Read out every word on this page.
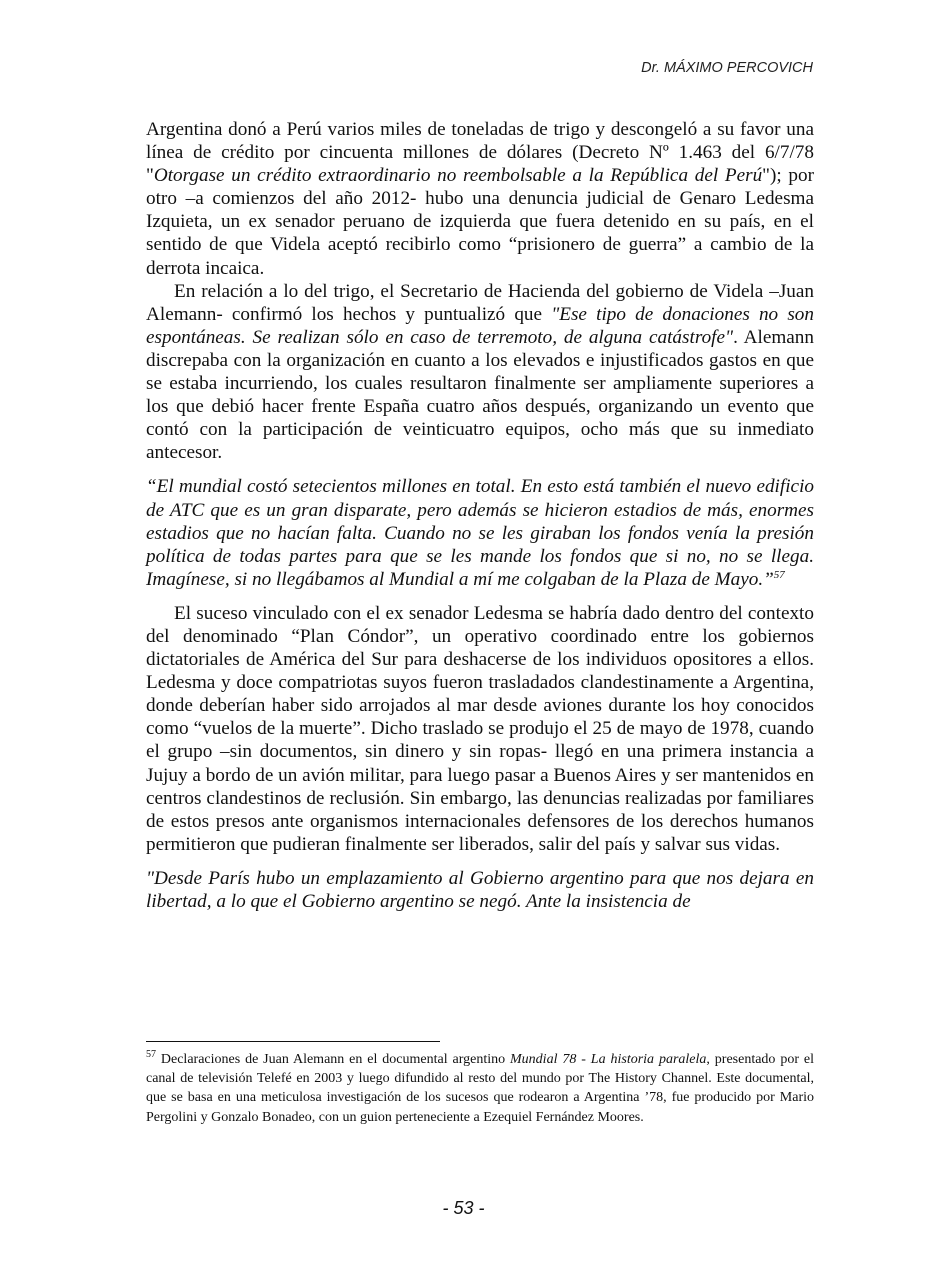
Dr. MÁXIMO PERCOVICH

Argentina donó a Perú varios miles de toneladas de trigo y descongeló a su favor una línea de crédito por cincuenta millones de dólares (Decreto Nº 1.463 del 6/7/78 "Otorgase un crédito extraordinario no reembolsable a la República del Perú"); por otro –a comienzos del año 2012- hubo una denuncia judicial de Genaro Ledesma Izquieta, un ex senador peruano de izquierda que fuera detenido en su país, en el sentido de que Videla aceptó recibirlo como “prisionero de guerra” a cambio de la derrota incaica.

En relación a lo del trigo, el Secretario de Hacienda del gobierno de Videla –Juan Alemann- confirmó los hechos y puntualizó que "Ese tipo de donaciones no son espontáneas. Se realizan sólo en caso de terremoto, de alguna catástrofe". Alemann discrepaba con la organización en cuanto a los elevados e injustificados gastos en que se estaba incurriendo, los cuales resultaron finalmente ser ampliamente superiores a los que debió hacer frente España cuatro años después, organizando un evento que contó con la participación de veinticuatro equipos, ocho más que su inmediato antecesor.

“El mundial costó setecientos millones en total. En esto está también el nuevo edificio de ATC que es un gran disparate, pero además se hicieron estadios de más, enormes estadios que no hacían falta. Cuando no se les giraban los fondos venía la presión política de todas partes para que se les mande los fondos que si no, no se llega. Imagínese, si no llegábamos al Mundial a mí me colgaban de la Plaza de Mayo.”$^{57}$

El suceso vinculado con el ex senador Ledesma se habría dado dentro del contexto del denominado “Plan Cóndor”, un operativo coordinado entre los gobiernos dictatoriales de América del Sur para deshacerse de los individuos opositores a ellos. Ledesma y doce compatriotas suyos fueron trasladados clandestinamente a Argentina, donde deberían haber sido arrojados al mar desde aviones durante los hoy conocidos como “vuelos de la muerte”. Dicho traslado se produjo el 25 de mayo de 1978, cuando el grupo –sin documentos, sin dinero y sin ropas- llegó en una primera instancia a Jujuy a bordo de un avión militar, para luego pasar a Buenos Aires y ser mantenidos en centros clandestinos de reclusión. Sin embargo, las denuncias realizadas por familiares de estos presos ante organismos internacionales defensores de los derechos humanos permitieron que pudieran finalmente ser liberados, salir del país y salvar sus vidas.

"Desde París hubo un emplazamiento al Gobierno argentino para que nos dejara en libertad, a lo que el Gobierno argentino se negó. Ante la insistencia de

$^{57}$ Declaraciones de Juan Alemann en el documental argentino Mundial 78 - La historia paralela, presentado por el canal de televisión Telefé en 2003 y luego difundido al resto del mundo por The History Channel. Este documental, que se basa en una meticulosa investigación de los sucesos que rodearon a Argentina ’78, fue producido por Mario Pergolini y Gonzalo Bonadeo, con un guion perteneciente a Ezequiel Fernández Moores.
- 53 -
